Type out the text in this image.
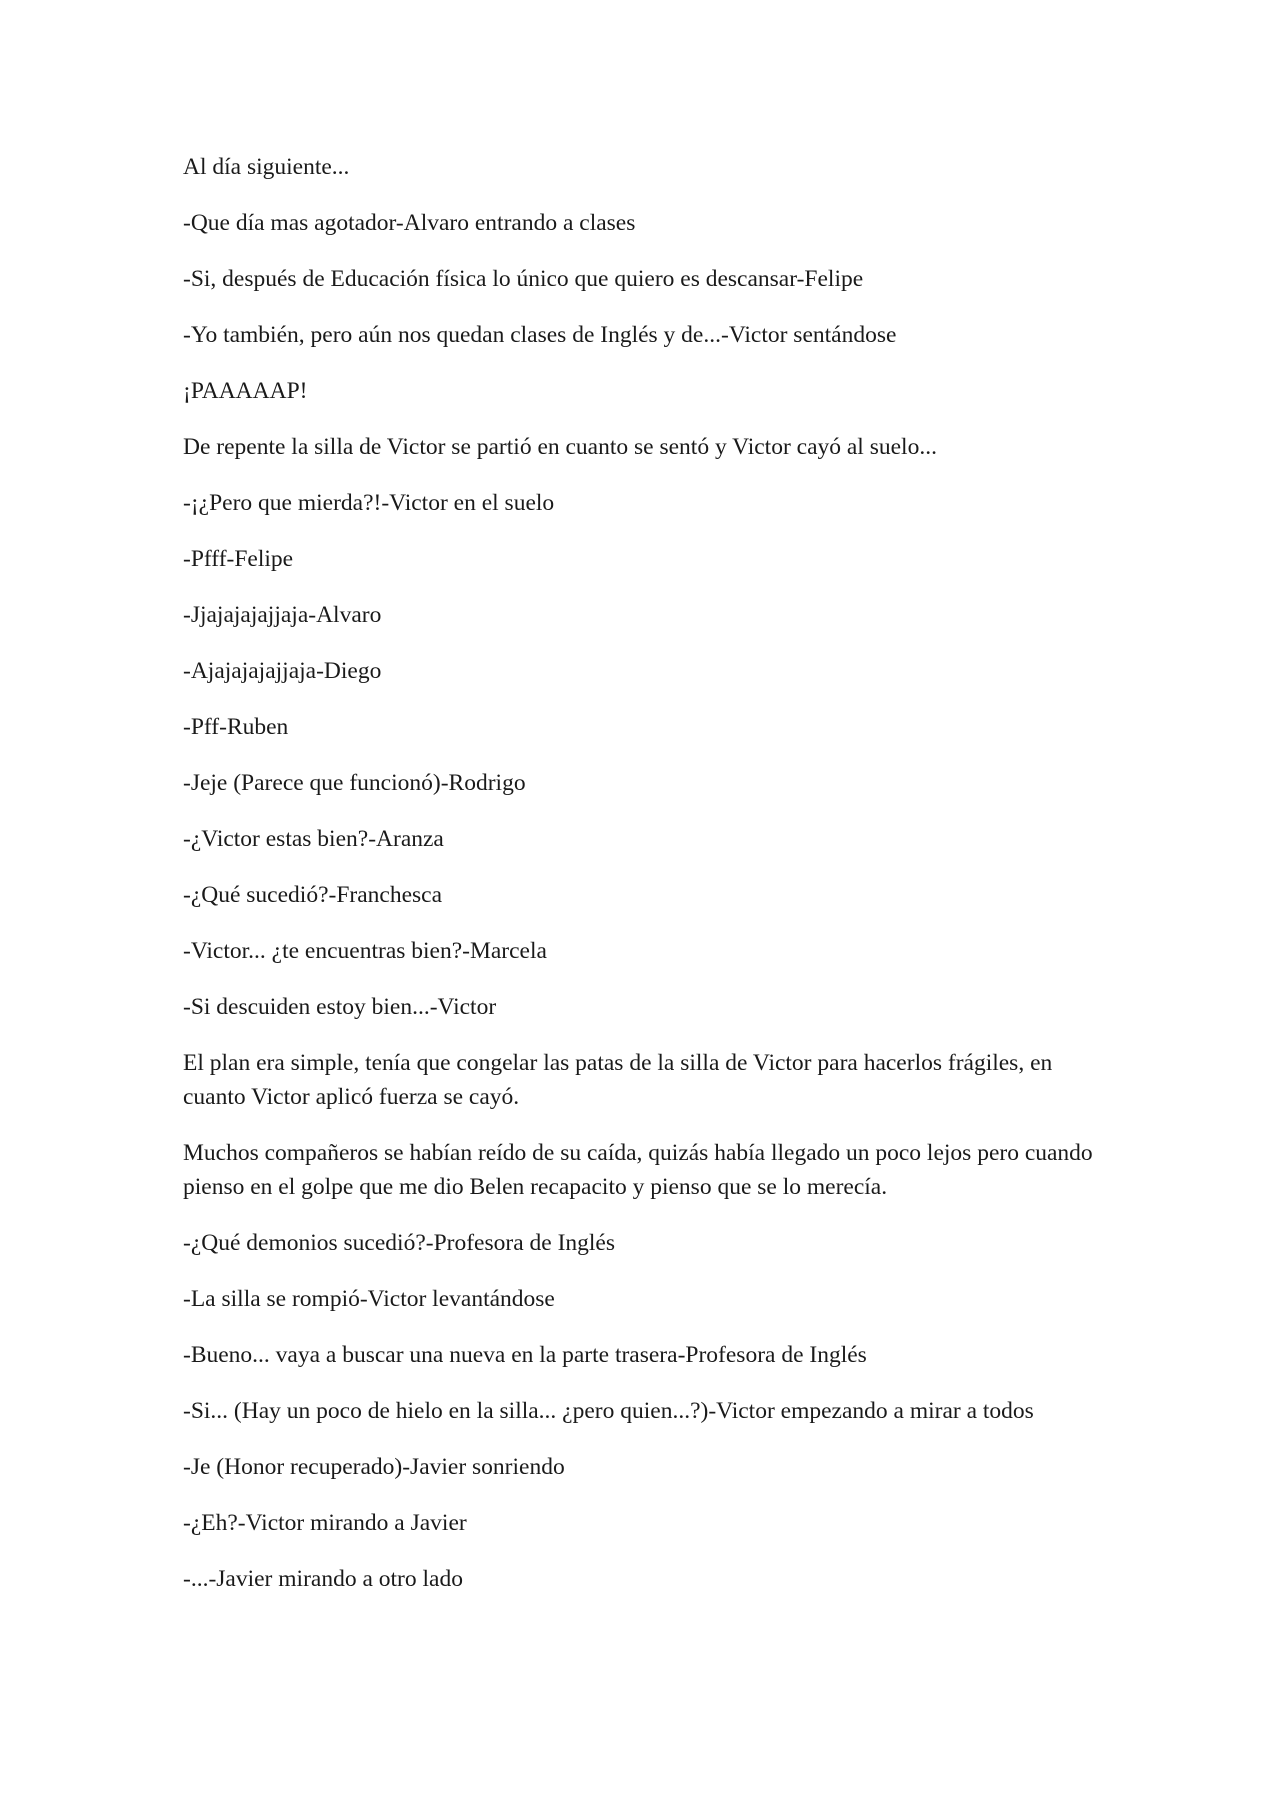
Al día siguiente...

-Que día mas agotador-Alvaro entrando a clases

-Si, después de Educación física lo único que quiero es descansar-Felipe

-Yo también, pero aún nos quedan clases de Inglés y de...-Victor sentándose

¡PAAAAAP!

De repente la silla de Victor se partió en cuanto se sentó y Victor cayó al suelo...

-¡¿Pero que mierda?!-Victor en el suelo

-Pfff-Felipe

-Jjajajajajjaja-Alvaro

-Ajajajajajjaja-Diego

-Pff-Ruben

-Jeje (Parece que funcionó)-Rodrigo

-¿Victor estas bien?-Aranza

-¿Qué sucedió?-Franchesca

-Victor... ¿te encuentras bien?-Marcela

-Si descuiden estoy bien...-Victor

El plan era simple, tenía que congelar las patas de la silla de Victor para hacerlos frágiles, en cuanto Victor aplicó fuerza se cayó.

Muchos compañeros se habían reído de su caída, quizás había llegado un poco lejos pero cuando pienso en el golpe que me dio Belen recapacito y pienso que se lo merecía.

-¿Qué demonios sucedió?-Profesora de Inglés

-La silla se rompió-Victor levantándose

-Bueno... vaya a buscar una nueva en la parte trasera-Profesora de Inglés

-Si... (Hay un poco de hielo en la silla... ¿pero quien...?)-Victor empezando a mirar a todos

-Je (Honor recuperado)-Javier sonriendo

-¿Eh?-Victor mirando a Javier

-...-Javier mirando a otro lado
